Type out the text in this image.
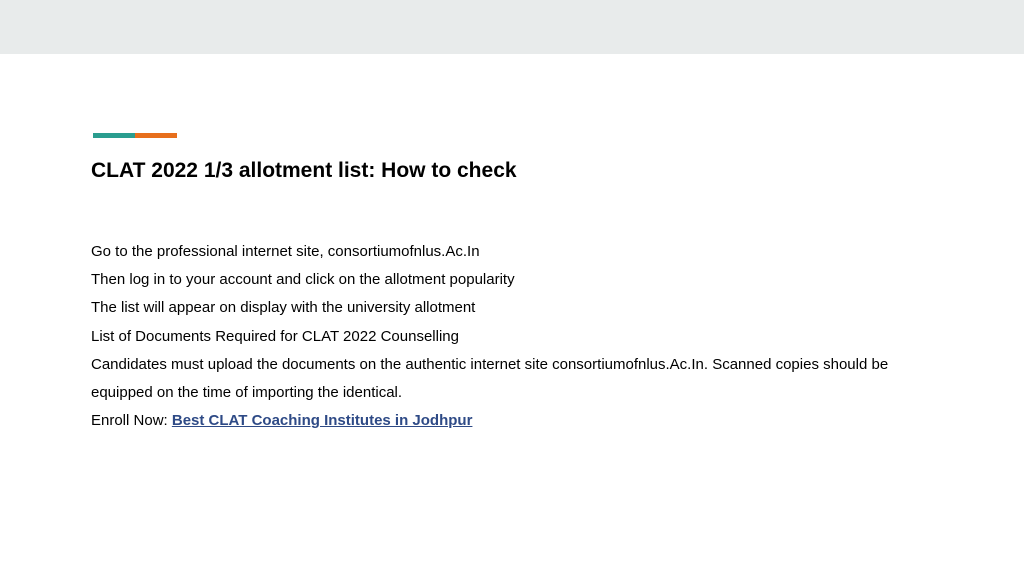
CLAT 2022 1/3 allotment list: How to check

Go to the professional internet site, consortiumofnlus.Ac.In

Then log in to your account and click on the allotment popularity

The list will appear on display with the university allotment

List of Documents Required for CLAT 2022 Counselling

Candidates must upload the documents on the authentic internet site consortiumofnlus.Ac.In. Scanned copies should be equipped on the time of importing the identical.

Enroll Now: Best CLAT Coaching Institutes in Jodhpur
